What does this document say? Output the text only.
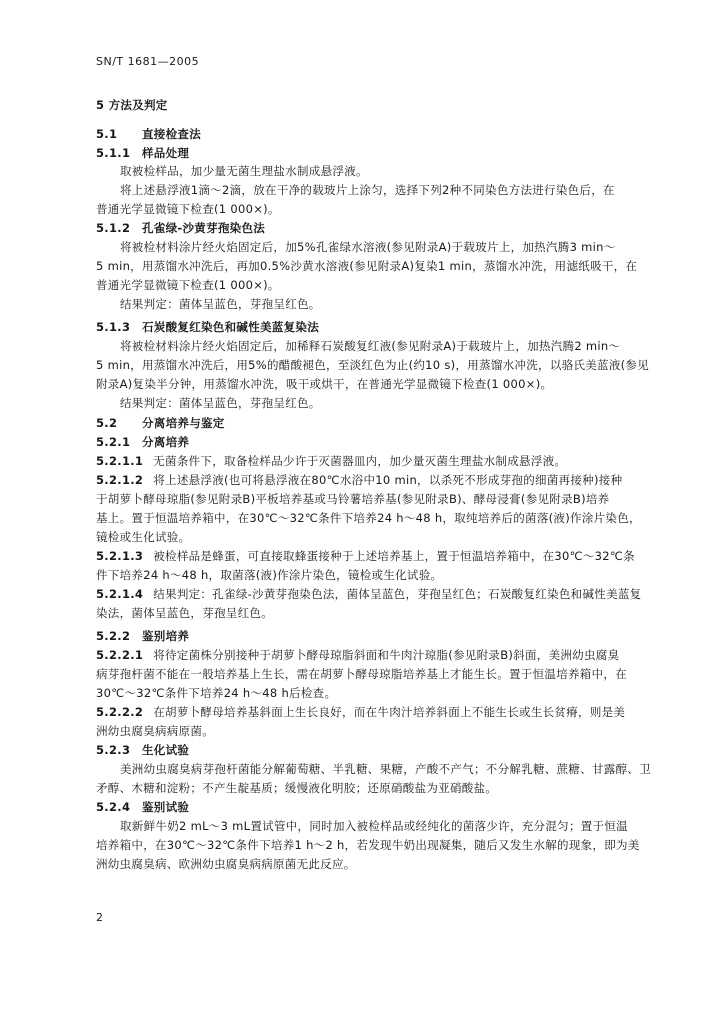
SN/T 1681—2005
5 方法及判定
5.1 直接检查法
5.1.1 样品处理
取被检样品，加少量无菌生理盐水制成悬浮液。
将上述悬浮液1滴～2滴，放在干净的载玻片上涂匀，选择下列2种不同染色方法进行染色后，在
普通光学显微镜下检查(1 000×)。
5.1.2 孔雀绿-沙黄芽孢染色法
将被检材料涂片经火焰固定后，加5%孔雀绿水溶液(参见附录A)于载玻片上，加热汽腾3 min～
5 min，用蒸馏水冲洗后，再加0.5%沙黄水溶液(参见附录A)复染1 min，蒸馏水冲洗，用滤纸吸干，在
普通光学显微镜下检查(1 000×)。
结果判定：菌体呈蓝色，芽孢呈红色。
5.1.3 石炭酸复红染色和碱性美蓝复染法
将被检材料涂片经火焰固定后，加稀释石炭酸复红液(参见附录A)于载玻片上，加热汽腾2 min～
5 min，用蒸馏水冲洗后，用5%的醋酸褪色，至淡红色为止(约10 s)，用蒸馏水冲洗，以骆氏美蓝液(参见
附录A)复染半分钟，用蒸馏水冲洗，吸干或烘干，在普通光学显微镜下检查(1 000×)。
结果判定：菌体呈蓝色，芽孢呈红色。
5.2 分离培养与鉴定
5.2.1 分离培养
5.2.1.1 无菌条件下，取备检样品少许于灭菌器皿内，加少量灭菌生理盐水制成悬浮液。
5.2.1.2 将上述悬浮液(也可将悬浮液在80℃水浴中10 min，以杀死不形成芽孢的细菌再接种)接种
于胡萝卜酵母琼脂(参见附录B)平板培养基或马铃薯培养基(参见附录B)、酵母浸膏(参见附录B)培养
基上。置于恒温培养箱中，在30℃～32℃条件下培养24 h～48 h，取纯培养后的菌落(液)作涂片染色，
镜检或生化试验。
5.2.1.3 被检样品是蜂蛋，可直接取蜂蛋接种于上述培养基上，置于恒温培养箱中，在30℃～32℃条
件下培养24 h～48 h，取菌落(液)作涂片染色，镜检或生化试验。
5.2.1.4 结果判定：孔雀绿-沙黄芽孢染色法，菌体呈蓝色，芽孢呈红色；石炭酸复红染色和碱性美蓝复
染法，菌体呈蓝色，芽孢呈红色。
5.2.2 鉴别培养
5.2.2.1 将待定菌株分别接种于胡萝卜酵母琼脂斜面和牛肉汁琼脂(参见附录B)斜面，美洲幼虫腐臭
病芽孢杆菌不能在一般培养基上生长，需在胡萝卜酵母琼脂培养基上才能生长。置于恒温培养箱中，在
30℃～32℃条件下培养24 h～48 h后检查。
5.2.2.2 在胡萝卜酵母培养基斜面上生长良好，而在牛肉汁培养斜面上不能生长或生长贫瘠，则是美
洲幼虫腐臭病病原菌。
5.2.3 生化试验
美洲幼虫腐臭病芽孢杆菌能分解葡萄糖、半乳糖、果糖，产酸不产气；不分解乳糖、蔗糖、甘露醇、卫
矛醇、木糖和淀粉；不产生靛基质；缓慢液化明胶；还原硝酸盐为亚硝酸盐。
5.2.4 鉴别试验
取新鲜牛奶2 mL～3 mL置试管中，同时加入被检样品或经纯化的菌落少许，充分混匀；置于恒温
培养箱中，在30℃～32℃条件下培养1 h～2 h，若发现牛奶出现凝集，随后又发生水解的现象，即为美
洲幼虫腐臭病、欧洲幼虫腐臭病病原菌无此反应。
2
